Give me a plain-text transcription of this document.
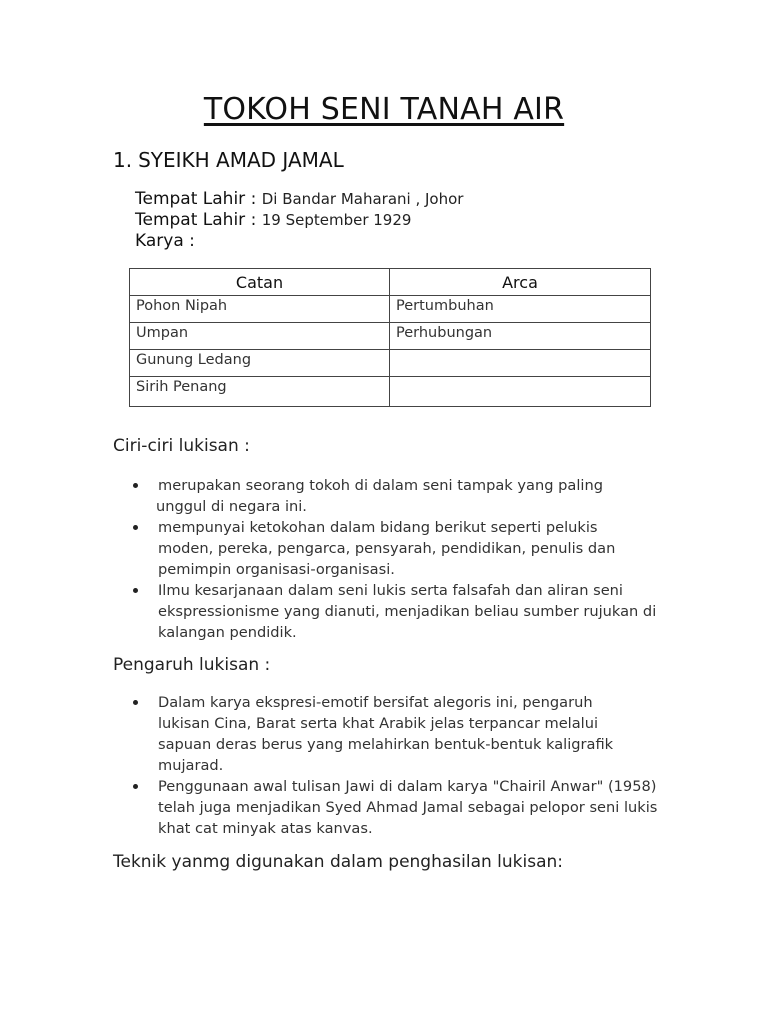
TOKOH SENI TANAH AIR
1. SYEIKH AMAD JAMAL
Tempat Lahir : Di Bandar Maharani , Johor
Tempat Lahir : 19 September 1929
Karya :
Catan	Arca
Pohon Nipah	Pertumbuhan
Umpan	Perhubungan
Gunung Ledang	
Sirih Penang	
Ciri-ciri lukisan :
merupakan seorang tokoh di dalam seni tampak yang paling
unggul di negara ini.
mempunyai ketokohan dalam bidang berikut seperti pelukis moden, pereka, pengarca, pensyarah, pendidikan, penulis dan pemimpin organisasi-organisasi.
Ilmu kesarjanaan dalam seni lukis serta falsafah dan aliran seni ekspressionisme yang dianuti, menjadikan beliau sumber rujukan di kalangan pendidik.
Pengaruh lukisan :
Dalam karya ekspresi-emotif bersifat alegoris ini, pengaruh lukisan Cina, Barat serta khat Arabik jelas terpancar melalui sapuan deras berus yang melahirkan bentuk-bentuk kaligrafik mujarad.
Penggunaan awal tulisan Jawi di dalam karya "Chairil Anwar" (1958) telah juga menjadikan Syed Ahmad Jamal sebagai pelopor seni lukis khat cat minyak atas kanvas.
Teknik yanmg digunakan dalam penghasilan lukisan:
